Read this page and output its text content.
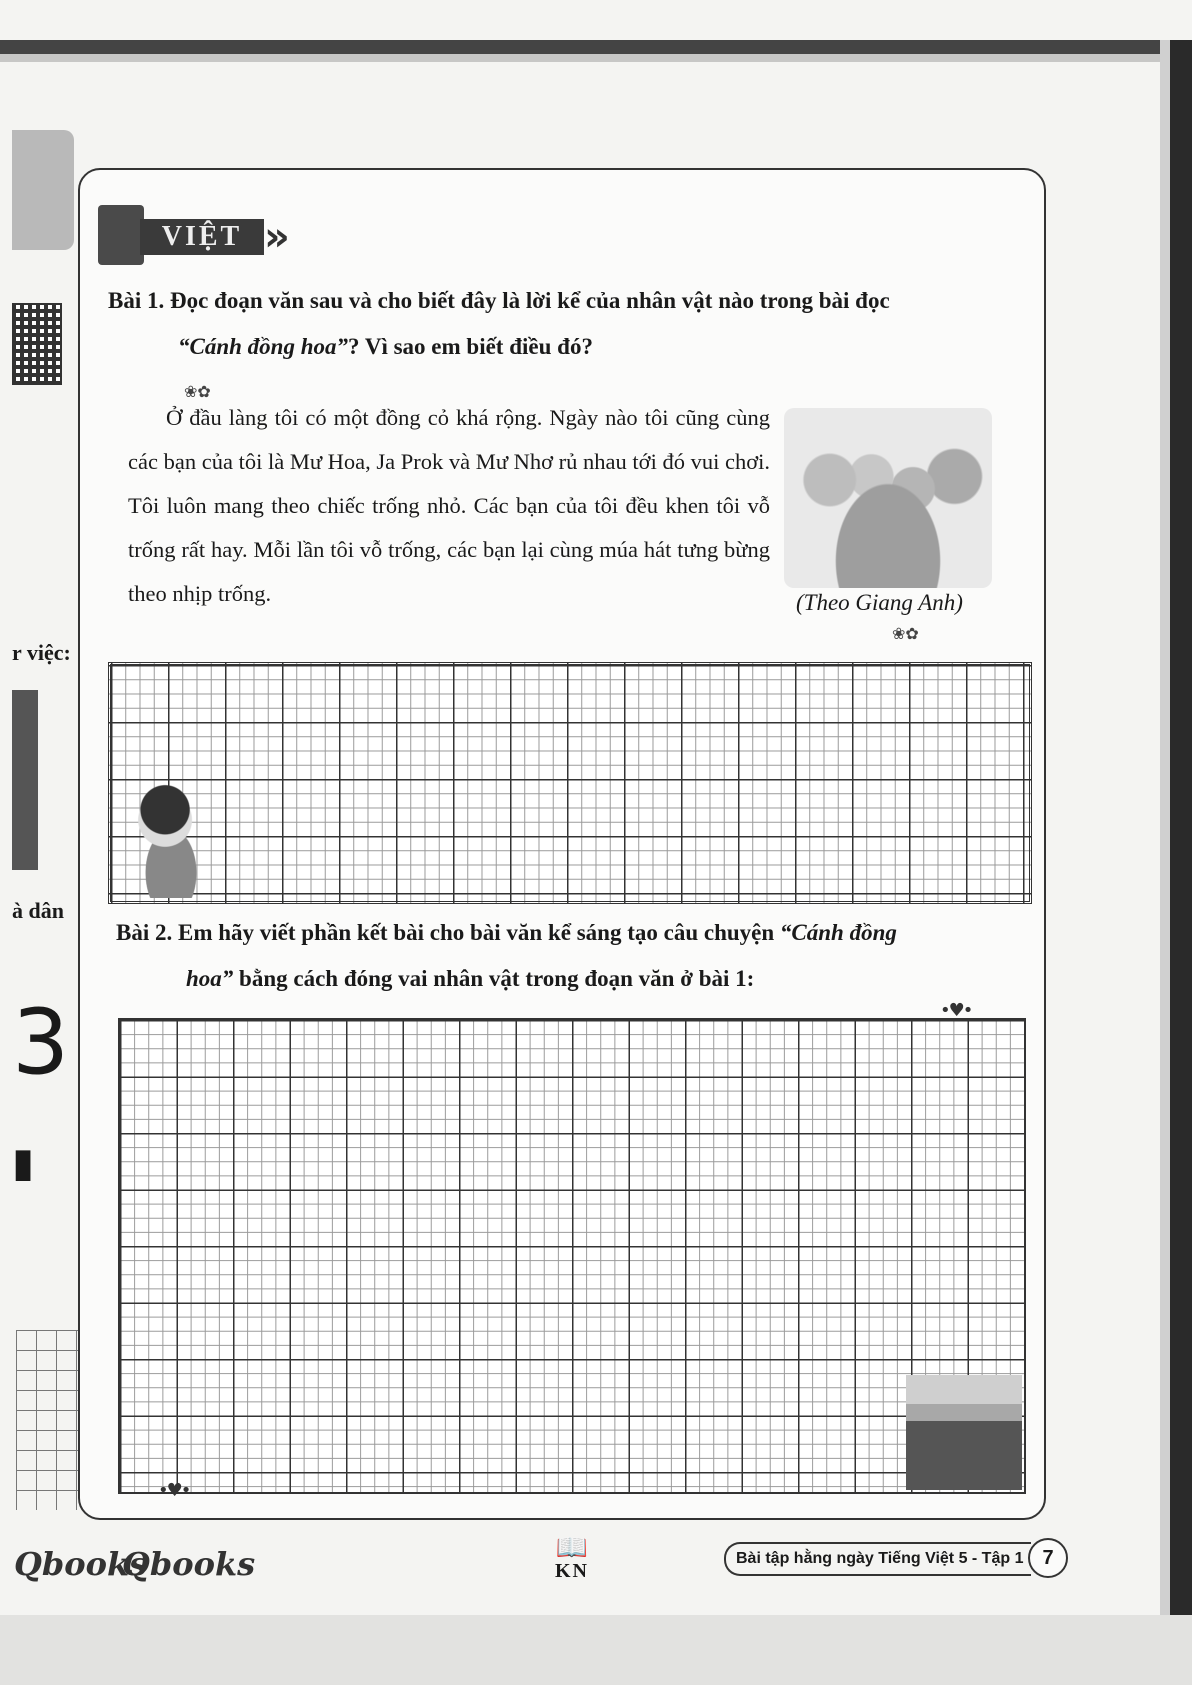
r việc:
à dân
3
▮
VIỆT »
Bài 1. Đọc đoạn văn sau và cho biết đây là lời kể của nhân vật nào trong bài đọc
“Cánh đồng hoa”? Vì sao em biết điều đó?
❀✿

Ở đầu làng tôi có một đồng cỏ khá rộng. Ngày nào tôi cũng cùng các bạn của tôi là Mư Hoa, Ja Prok và Mư Nhơ rủ nhau tới đó vui chơi. Tôi luôn mang theo chiếc trống nhỏ. Các bạn của tôi đều khen tôi vỗ trống rất hay. Mỗi lần tôi vỗ trống, các bạn lại cùng múa hát tưng bừng theo nhịp trống.	(Theo Giang Anh)
❀✿
Bài 2. Em hãy viết phần kết bài cho bài văn kể sáng tạo câu chuyện “Cánh đồng
hoa” bằng cách đóng vai nhân vật trong đoạn văn ở bài 1:
•♥•
•♥•
Qbooks
Qbooks	📖
KN
Bài tập hằng ngày Tiếng Việt 5 - Tập 1 7
